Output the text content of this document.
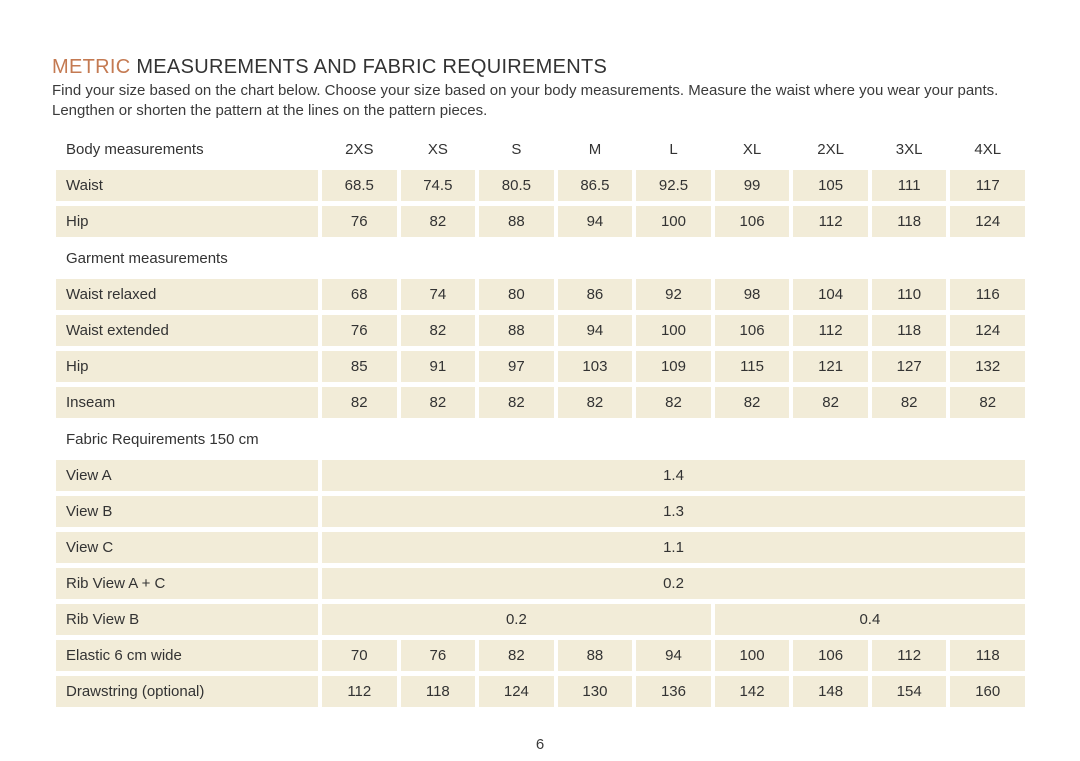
METRIC MEASUREMENTS AND FABRIC REQUIREMENTS

Find your size based on the chart below. Choose your size based on your body measurements. Measure the waist where you wear your pants. Lengthen or shorten the pattern at the lines on the pattern pieces.

Body measurements	2XS	XS	S	M	L	XL	2XL	3XL	4XL
Waist	68.5	74.5	80.5	86.5	92.5	99	105	111	117
Hip	76	82	88	94	100	106	112	118	124
Garment measurements
Waist relaxed	68	74	80	86	92	98	104	110	116
Waist extended	76	82	88	94	100	106	112	118	124
Hip	85	91	97	103	109	115	121	127	132
Inseam	82	82	82	82	82	82	82	82	82
Fabric Requirements 150 cm
View A	1.4
View B	1.3
View C	1.1
Rib View A + C	0.2
Rib View B	0.2	0.4
Elastic 6 cm wide	70	76	82	88	94	100	106	112	118
Drawstring (optional)	112	118	124	130	136	142	148	154	160
6
